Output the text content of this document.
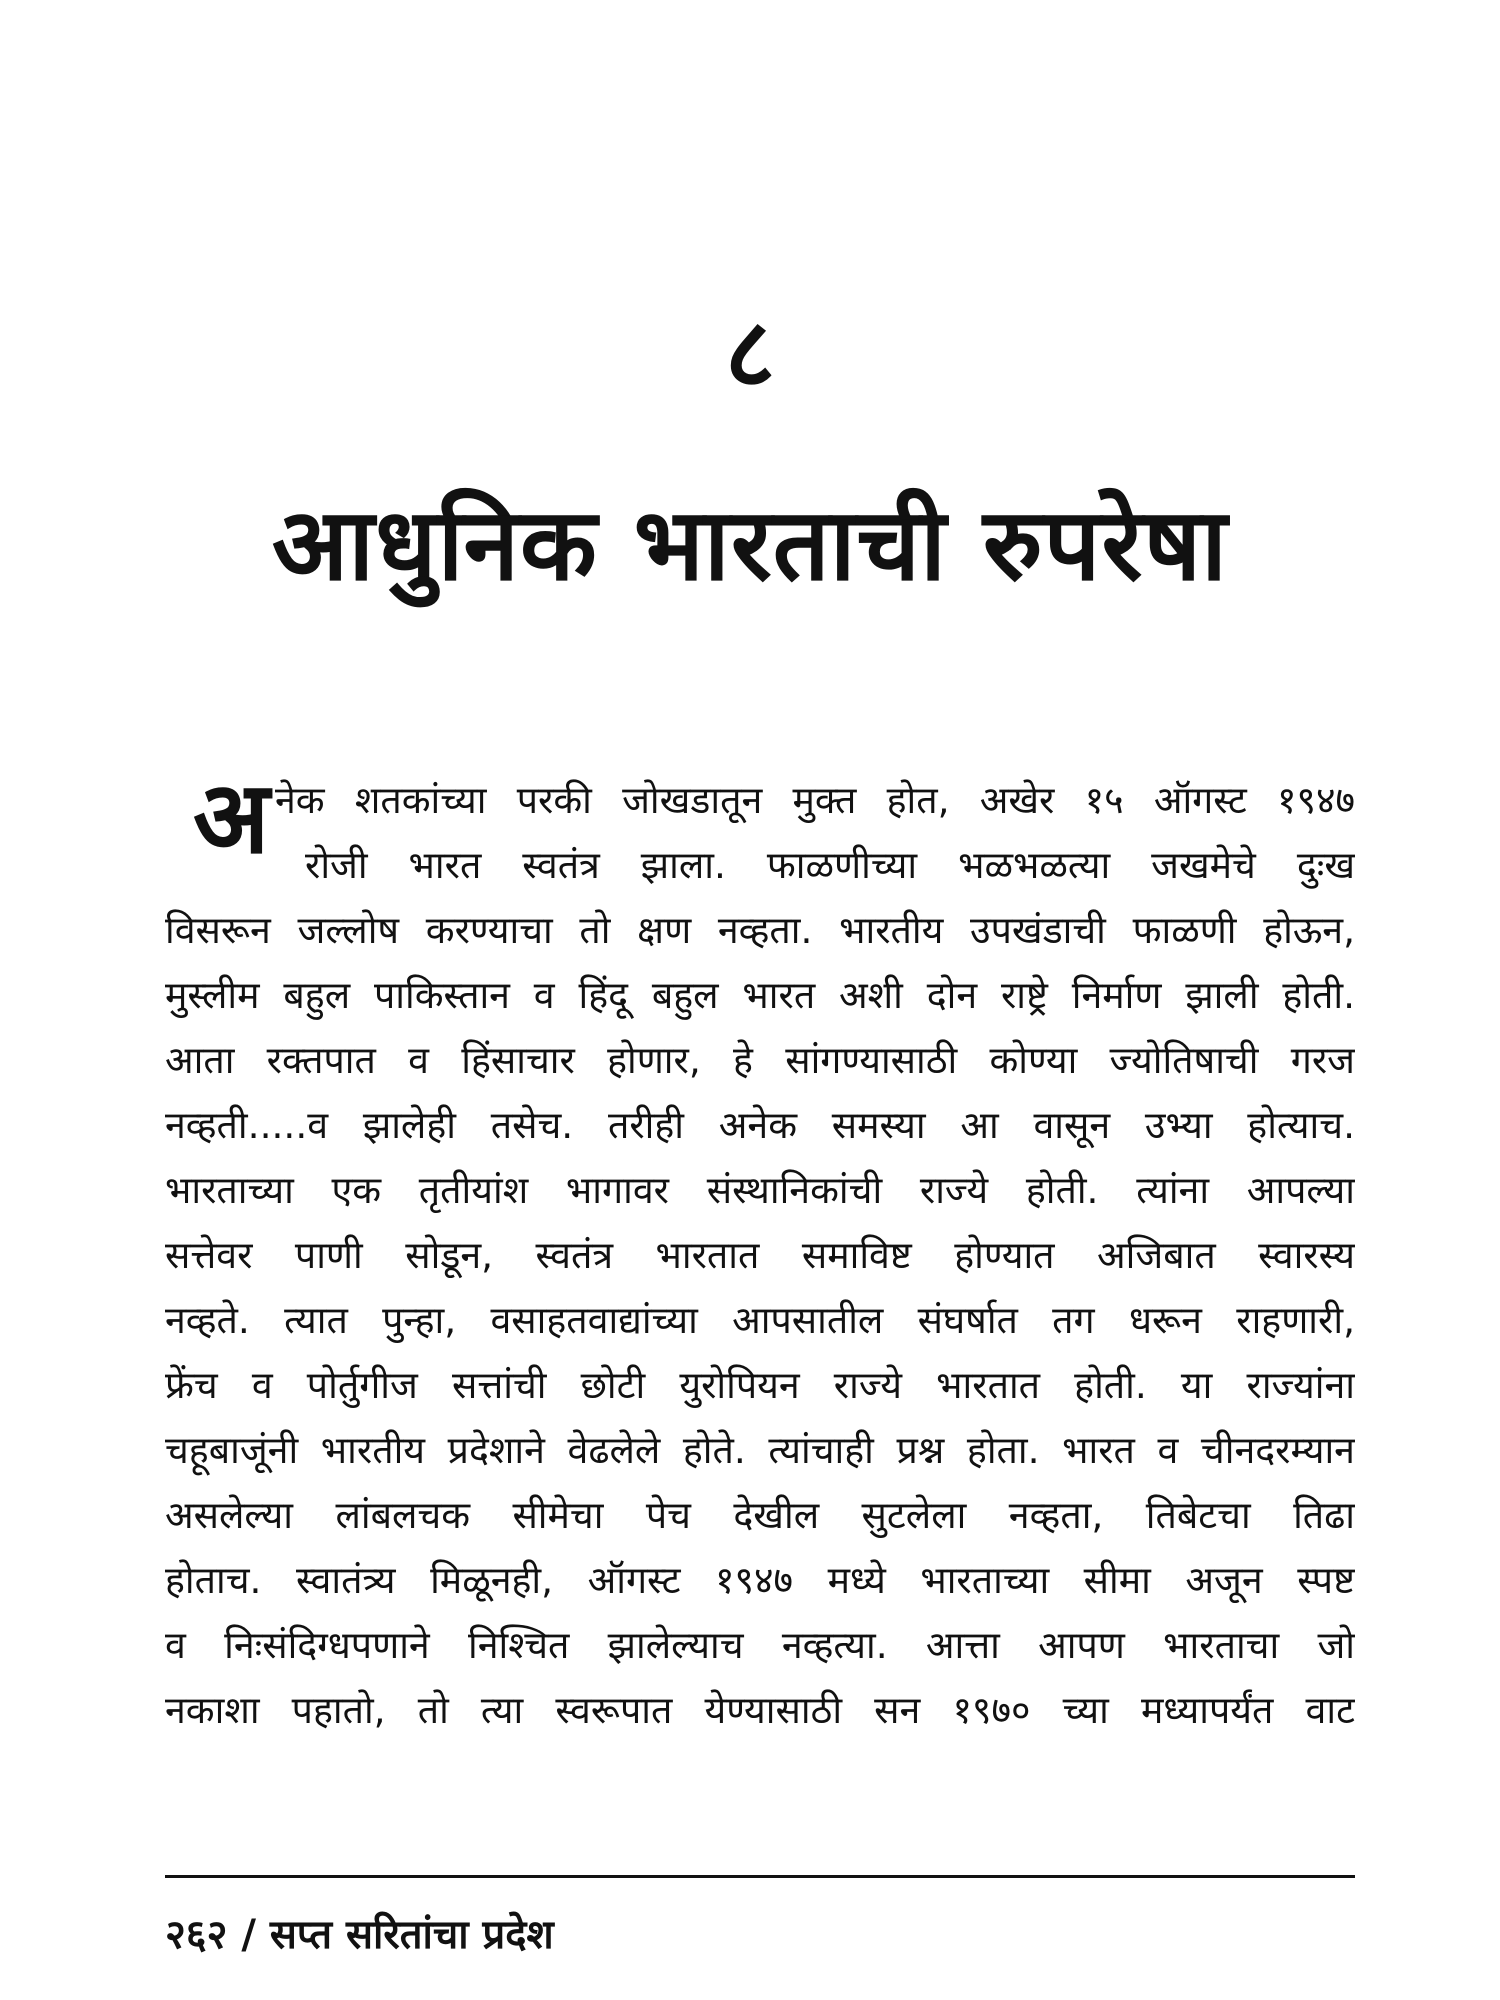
८
आधुनिक भारताची रुपरेषा
अ नेक शतकांच्या परकी जोखडातून मुक्त होत, अखेर १५ ऑगस्ट १९४७
रोजी भारत स्वतंत्र झाला. फाळणीच्या भळभळत्या जखमेचे दुःख
विसरून जल्लोष करण्याचा तो क्षण नव्हता. भारतीय उपखंडाची फाळणी होऊन,
मुस्लीम बहुल पाकिस्तान व हिंदू बहुल भारत अशी दोन राष्ट्रे निर्माण झाली होती.
आता रक्तपात व हिंसाचार होणार, हे सांगण्यासाठी कोण्या ज्योतिषाची गरज
नव्हती.....व झालेही तसेच. तरीही अनेक समस्या आ वासून उभ्या होत्याच.
भारताच्या एक तृतीयांश भागावर संस्थानिकांची राज्ये होती. त्यांना आपल्या
सत्तेवर पाणी सोडून, स्वतंत्र भारतात समाविष्ट होण्यात अजिबात स्वारस्य
नव्हते. त्यात पुन्हा, वसाहतवाद्यांच्या आपसातील संघर्षात तग धरून राहणारी,
फ्रेंच व पोर्तुगीज सत्तांची छोटी युरोपियन राज्ये भारतात होती. या राज्यांना
चहूबाजूंनी भारतीय प्रदेशाने वेढलेले होते. त्यांचाही प्रश्न होता. भारत व चीनदरम्यान
असलेल्या लांबलचक सीमेचा पेच देखील सुटलेला नव्हता, तिबेटचा तिढा
होताच. स्वातंत्र्य मिळूनही, ऑगस्ट १९४७ मध्ये भारताच्या सीमा अजून स्पष्ट
व निःसंदिग्धपणाने निश्चित झालेल्याच नव्हत्या. आत्ता आपण भारताचा जो
नकाशा पहातो, तो त्या स्वरूपात येण्यासाठी सन १९७० च्या मध्यापर्यंत वाट
२६२ / सप्त सरितांचा प्रदेश
